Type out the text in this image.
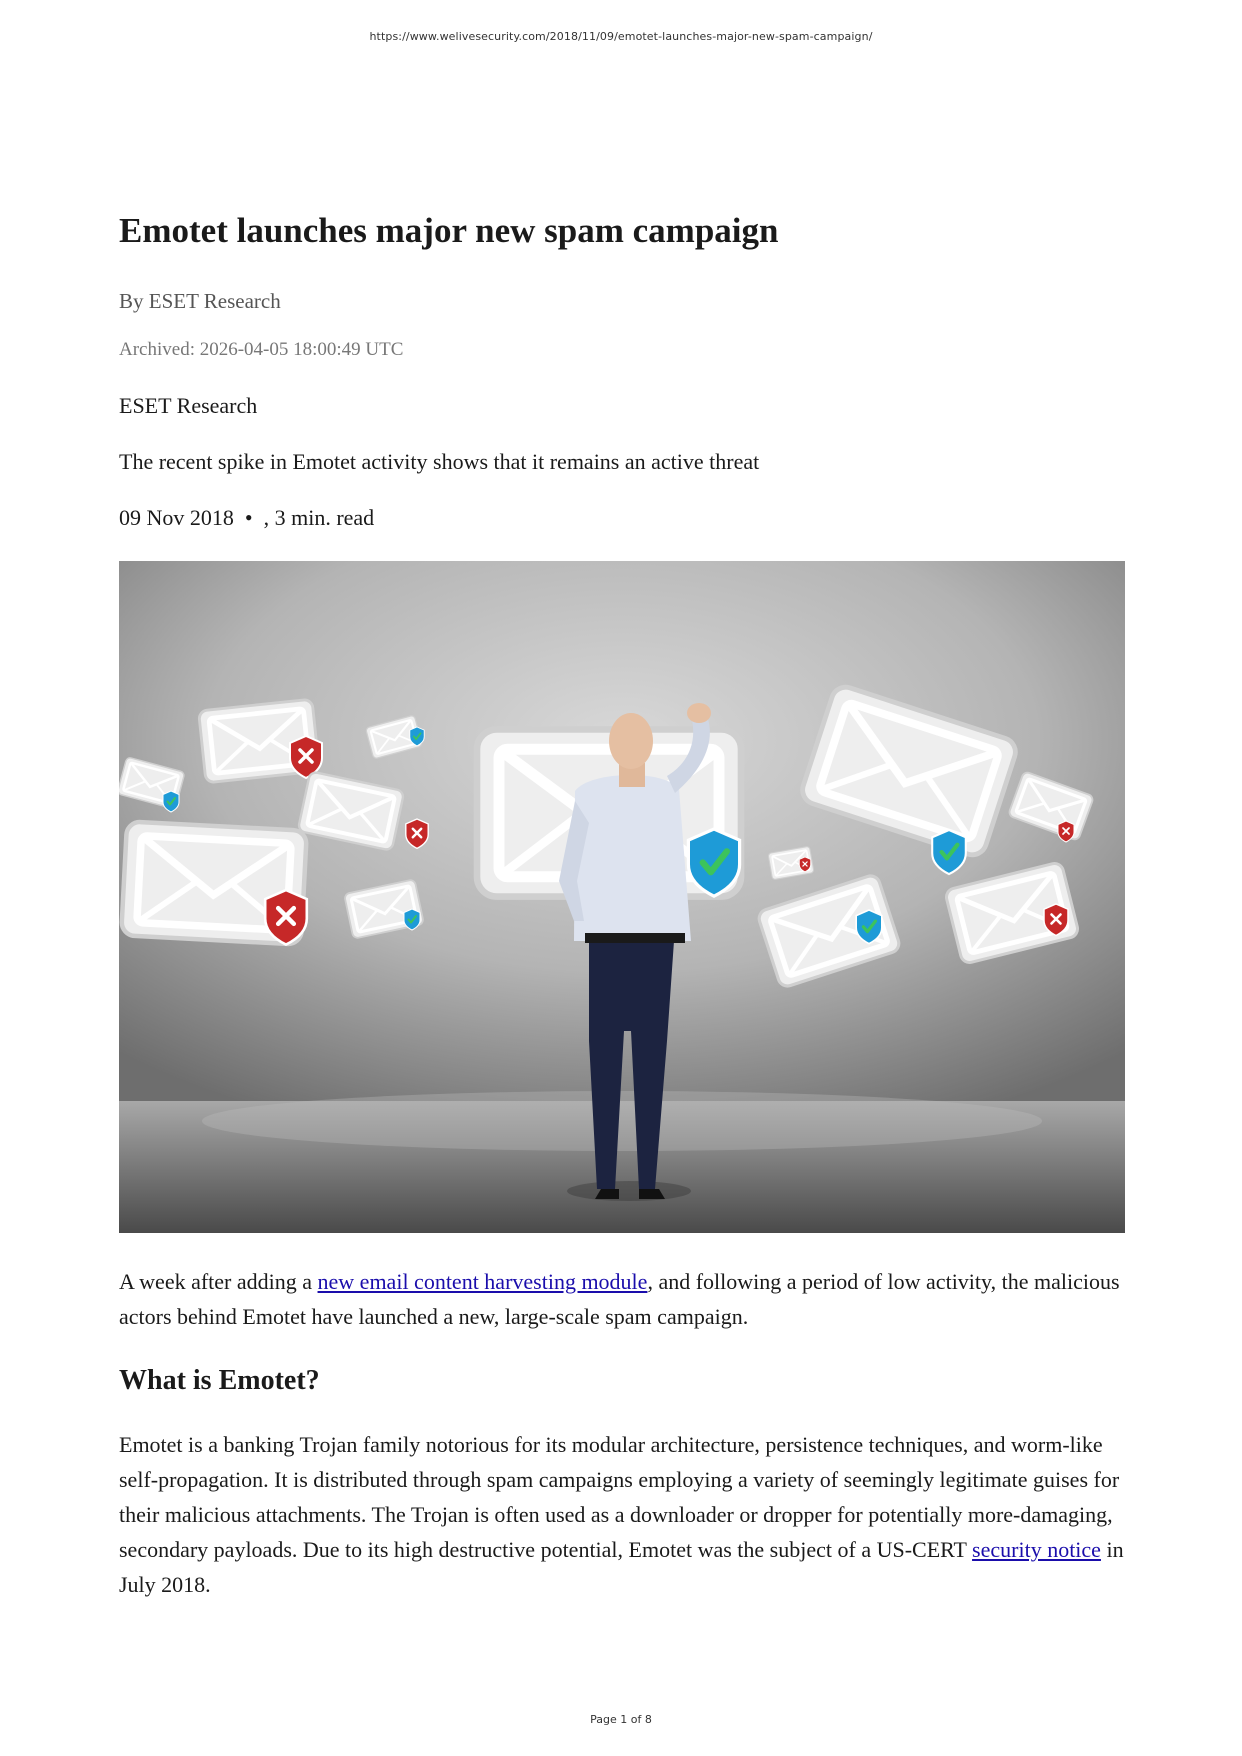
https://www.welivesecurity.com/2018/11/09/emotet-launches-major-new-spam-campaign/
Emotet launches major new spam campaign
By ESET Research
Archived: 2026-04-05 18:00:49 UTC
ESET Research
The recent spike in Emotet activity shows that it remains an active threat
09 Nov 2018 • , 3 min. read

A week after adding a new email content harvesting module, and following a period of low activity, the malicious actors behind Emotet have launched a new, large-scale spam campaign.

What is Emotet?

Emotet is a banking Trojan family notorious for its modular architecture, persistence techniques, and worm-like self-propagation. It is distributed through spam campaigns employing a variety of seemingly legitimate guises for their malicious attachments. The Trojan is often used as a downloader or dropper for potentially more-damaging, secondary payloads. Due to its high destructive potential, Emotet was the subject of a US-CERT security notice in July 2018.

Page 1 of 8
